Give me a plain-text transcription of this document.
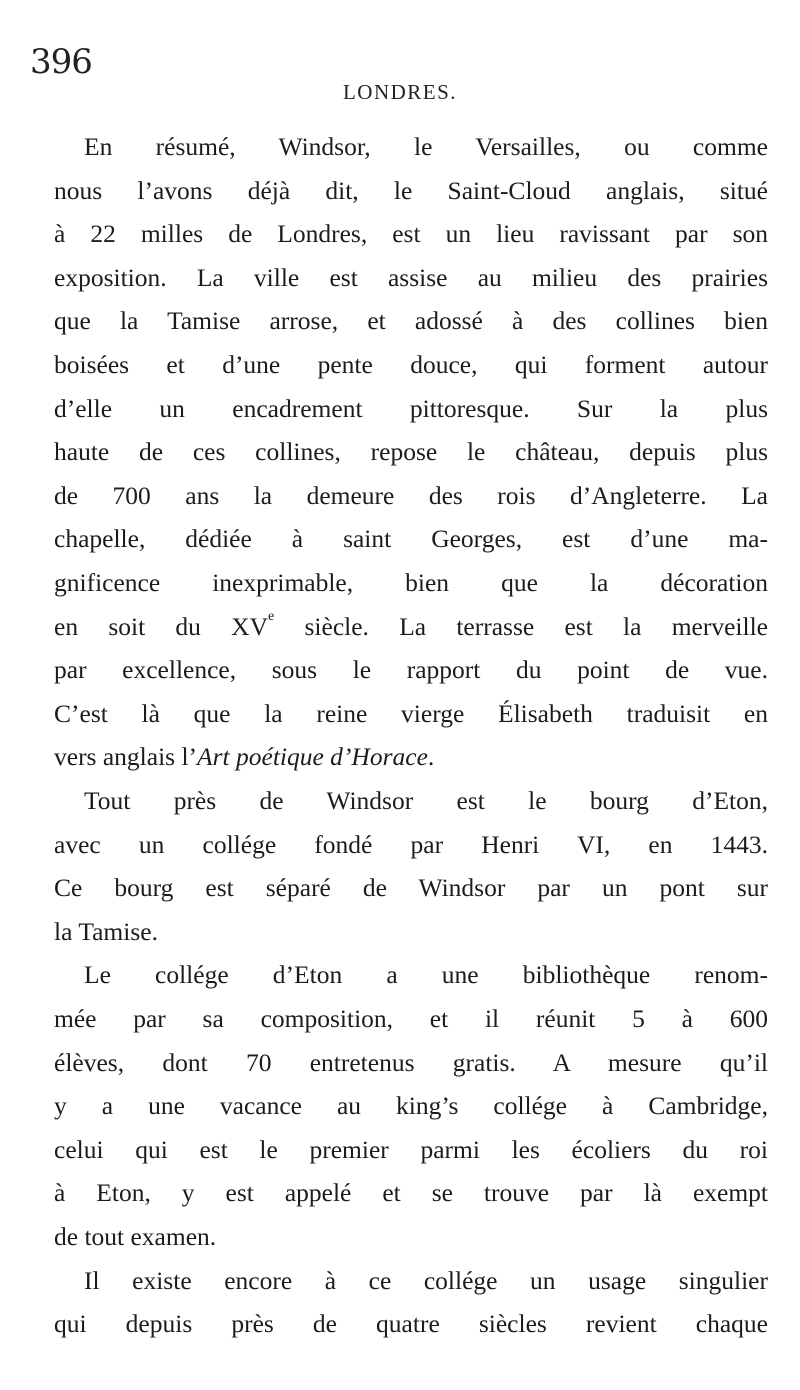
396
LONDRES.
En résumé, Windsor, le Versailles, ou comme
nous l’avons déjà dit, le Saint-Cloud anglais, situé
à 22 milles de Londres, est un lieu ravissant par son
exposition. La ville est assise au milieu des prairies
que la Tamise arrose, et adossé à des collines bien
boisées et d’une pente douce, qui forment autour
d’elle un encadrement pittoresque. Sur la plus
haute de ces collines, repose le château, depuis plus
de 700 ans la demeure des rois d’Angleterre. La
chapelle, dédiée à saint Georges, est d’une ma-
gnificence inexprimable, bien que la décoration
en soit du XVe siècle. La terrasse est la merveille
par excellence, sous le rapport du point de vue.
C’est là que la reine vierge Élisabeth traduisit en
vers anglais l’Art poétique d’Horace.
Tout près de Windsor est le bourg d’Eton,
avec un collége fondé par Henri VI, en 1443.
Ce bourg est séparé de Windsor par un pont sur
la Tamise.
Le collége d’Eton a une bibliothèque renom-
mée par sa composition, et il réunit 5 à 600
élèves, dont 70 entretenus gratis. A mesure qu’il
y a une vacance au king’s collége à Cambridge,
celui qui est le premier parmi les écoliers du roi
à Eton, y est appelé et se trouve par là exempt
de tout examen.
Il existe encore à ce collége un usage singulier
qui depuis près de quatre siècles revient chaque
